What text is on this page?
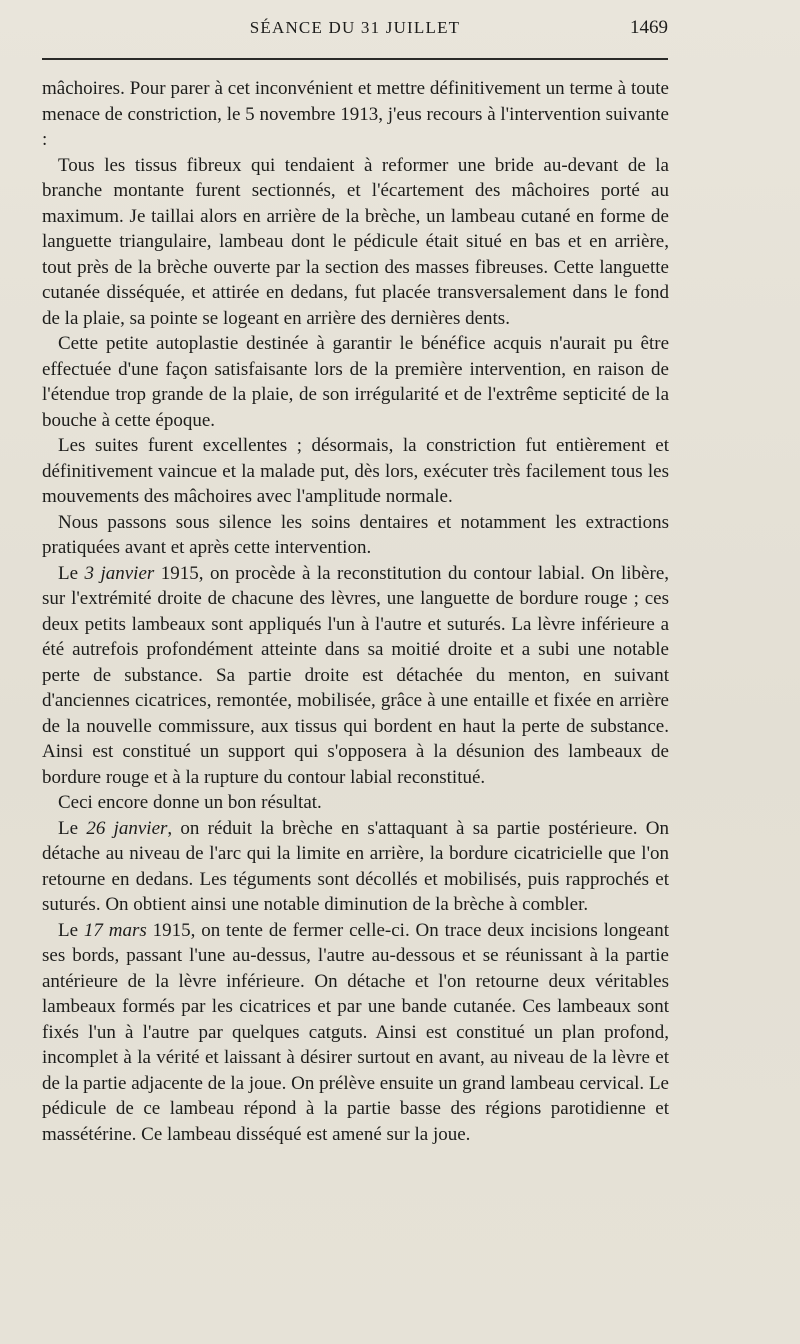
SÉANCE DU 31 JUILLET	1469

mâchoires. Pour parer à cet inconvénient et mettre définitivement un terme à toute menace de constriction, le 5 novembre 1913, j'eus recours à l'intervention suivante :

Tous les tissus fibreux qui tendaient à reformer une bride au-devant de la branche montante furent sectionnés, et l'écartement des mâchoires porté au maximum. Je taillai alors en arrière de la brèche, un lambeau cutané en forme de languette triangulaire, lambeau dont le pédicule était situé en bas et en arrière, tout près de la brèche ouverte par la section des masses fibreuses. Cette languette cutanée disséquée, et attirée en dedans, fut placée transversalement dans le fond de la plaie, sa pointe se logeant en arrière des dernières dents.

Cette petite autoplastie destinée à garantir le bénéfice acquis n'aurait pu être effectuée d'une façon satisfaisante lors de la première intervention, en raison de l'étendue trop grande de la plaie, de son irrégularité et de l'extrême septicité de la bouche à cette époque.

Les suites furent excellentes ; désormais, la constriction fut entièrement et définitivement vaincue et la malade put, dès lors, exécuter très facilement tous les mouvements des mâchoires avec l'amplitude normale.

Nous passons sous silence les soins dentaires et notamment les extractions pratiquées avant et après cette intervention.

Le 3 janvier 1915, on procède à la reconstitution du contour labial. On libère, sur l'extrémité droite de chacune des lèvres, une languette de bordure rouge ; ces deux petits lambeaux sont appliqués l'un à l'autre et suturés. La lèvre inférieure a été autrefois profondément atteinte dans sa moitié droite et a subi une notable perte de substance. Sa partie droite est détachée du menton, en suivant d'anciennes cicatrices, remontée, mobilisée, grâce à une entaille et fixée en arrière de la nouvelle commissure, aux tissus qui bordent en haut la perte de substance. Ainsi est constitué un support qui s'opposera à la désunion des lambeaux de bordure rouge et à la rupture du contour labial reconstitué.

Ceci encore donne un bon résultat.

Le 26 janvier, on réduit la brèche en s'attaquant à sa partie postérieure. On détache au niveau de l'arc qui la limite en arrière, la bordure cicatricielle que l'on retourne en dedans. Les téguments sont décollés et mobilisés, puis rapprochés et suturés. On obtient ainsi une notable diminution de la brèche à combler.

Le 17 mars 1915, on tente de fermer celle-ci. On trace deux incisions longeant ses bords, passant l'une au-dessus, l'autre au-dessous et se réunissant à la partie antérieure de la lèvre inférieure. On détache et l'on retourne deux véritables lambeaux formés par les cicatrices et par une bande cutanée. Ces lambeaux sont fixés l'un à l'autre par quelques catguts. Ainsi est constitué un plan profond, incomplet à la vérité et laissant à désirer surtout en avant, au niveau de la lèvre et de la partie adjacente de la joue. On prélève ensuite un grand lambeau cervical. Le pédicule de ce lambeau répond à la partie basse des régions parotidienne et massétérine. Ce lambeau disséqué est amené sur la joue.
